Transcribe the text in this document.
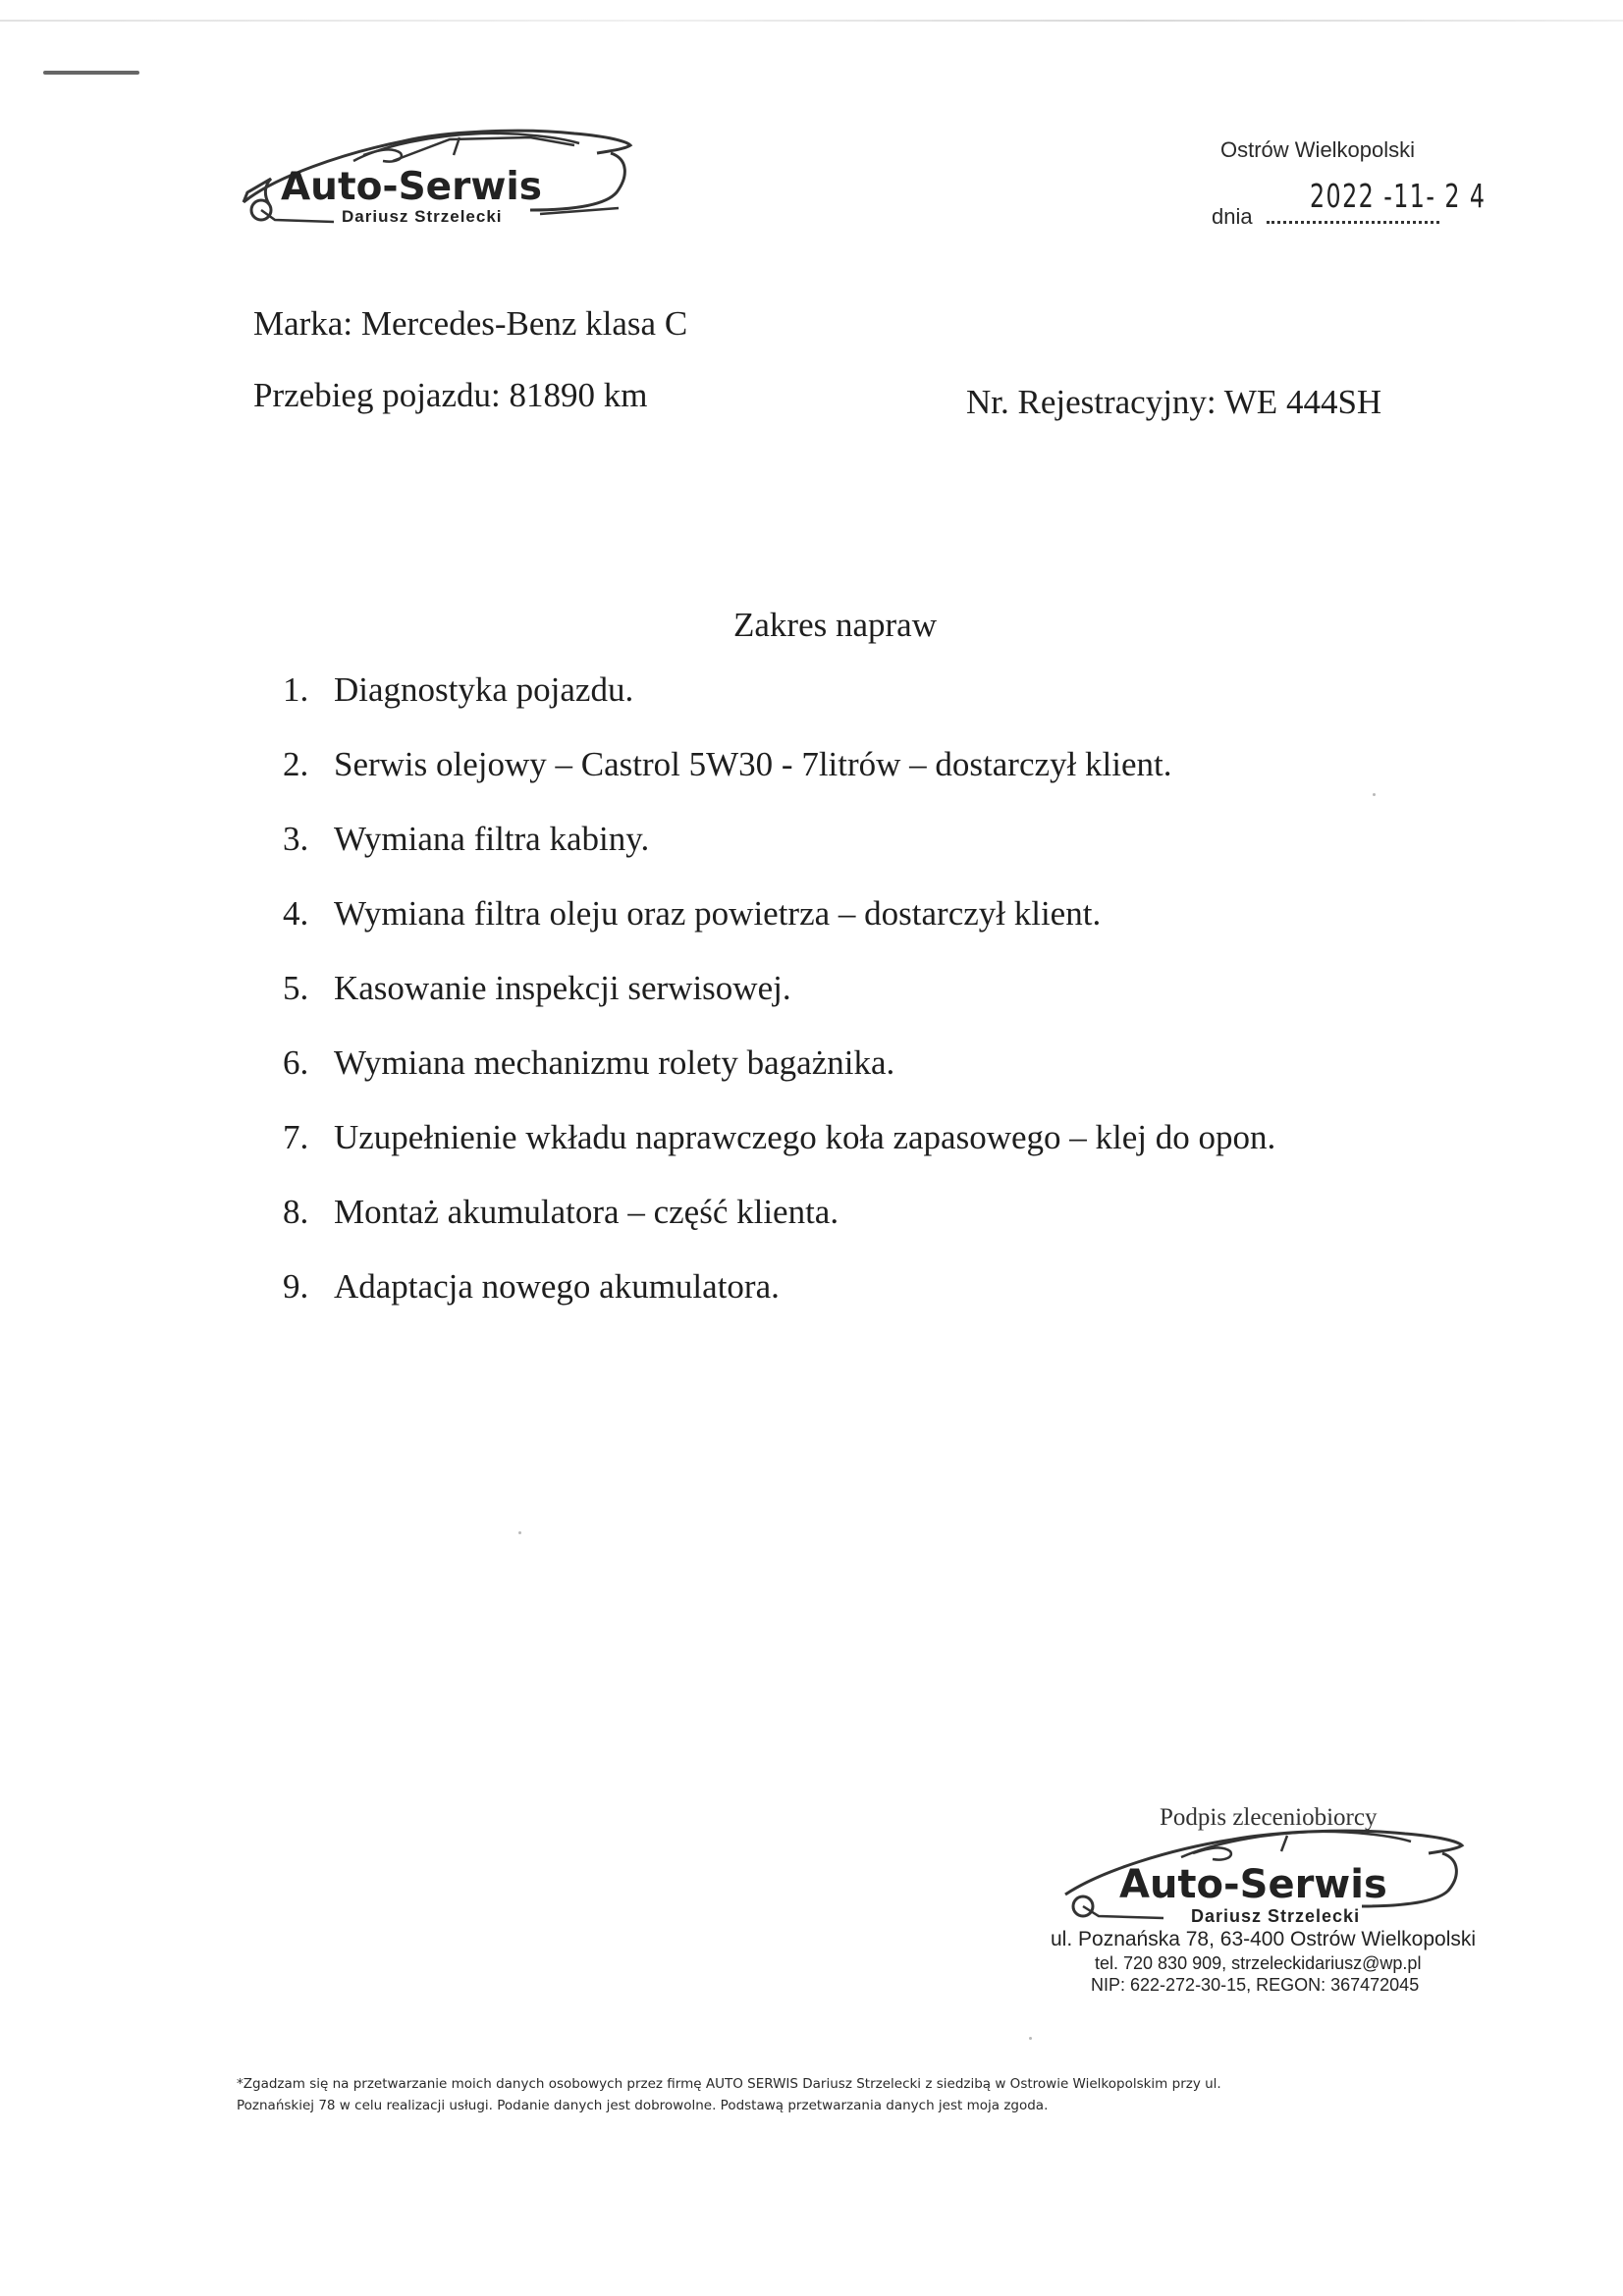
Auto-Serwis
Dariusz Strzelecki
Ostrów Wielkopolski
dnia
2022 -11- 2 4
Marka: Mercedes-Benz klasa C
Przebieg pojazdu: 81890 km	Nr. Rejestracyjny: WE 444SH
Zakres napraw
1. Diagnostyka pojazdu.
2. Serwis olejowy – Castrol 5W30 - 7litrów – dostarczył klient.
3. Wymiana filtra kabiny.
4. Wymiana filtra oleju oraz powietrza – dostarczył klient.
5. Kasowanie inspekcji serwisowej.
6. Wymiana mechanizmu rolety bagażnika.
7. Uzupełnienie wkładu naprawczego koła zapasowego – klej do opon.
8. Montaż akumulatora – część klienta.
9. Adaptacja nowego akumulatora.
Podpis zleceniobiorcy
Auto-Serwis
Dariusz Strzelecki
ul. Poznańska 78, 63-400 Ostrów Wielkopolski
tel. 720 830 909, strzeleckidariusz@wp.pl
NIP: 622-272-30-15, REGON: 367472045
*Zgadzam się na przetwarzanie moich danych osobowych przez firmę AUTO SERWIS Dariusz Strzelecki z siedzibą w Ostrowie Wielkopolskim przy ul.
Poznańskiej 78 w celu realizacji usługi. Podanie danych jest dobrowolne. Podstawą przetwarzania danych jest moja zgoda.
